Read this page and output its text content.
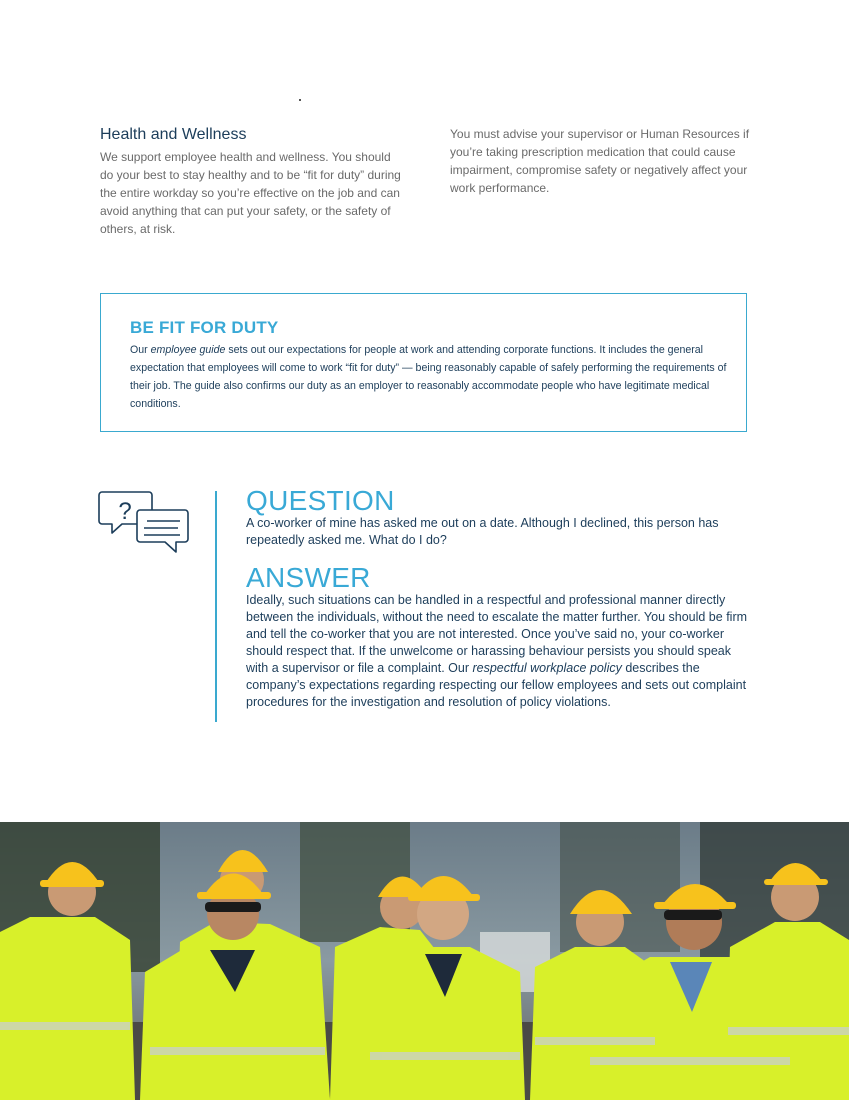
Health and Wellness
We support employee health and wellness. You should do your best to stay healthy and to be “fit for duty” during the entire workday so you’re effective on the job and can avoid anything that can put your safety, or the safety of others, at risk.
You must advise your supervisor or Human Resources if you’re taking prescription medication that could cause impairment, compromise safety or negatively affect your work performance.
BE FIT FOR DUTY
Our employee guide sets out our expectations for people at work and attending corporate functions. It includes the general expectation that employees will come to work “fit for duty” — being reasonably capable of safely performing the requirements of their job. The guide also confirms our duty as an employer to reasonably accommodate people who have legitimate medical conditions.
?	QUESTION
A co-worker of mine has asked me out on a date. Although I declined, this person has repeatedly asked me. What do I do?
ANSWER
Ideally, such situations can be handled in a respectful and professional manner directly between the individuals, without the need to escalate the matter further. You should be firm and tell the co-worker that you are not interested. Once you’ve said no, your co-worker should respect that. If the unwelcome or harassing behaviour persists you should speak with a supervisor or file a complaint. Our respectful workplace policy describes the company’s expectations regarding respecting our fellow employees and sets out complaint procedures for the investigation and resolution of policy violations.
